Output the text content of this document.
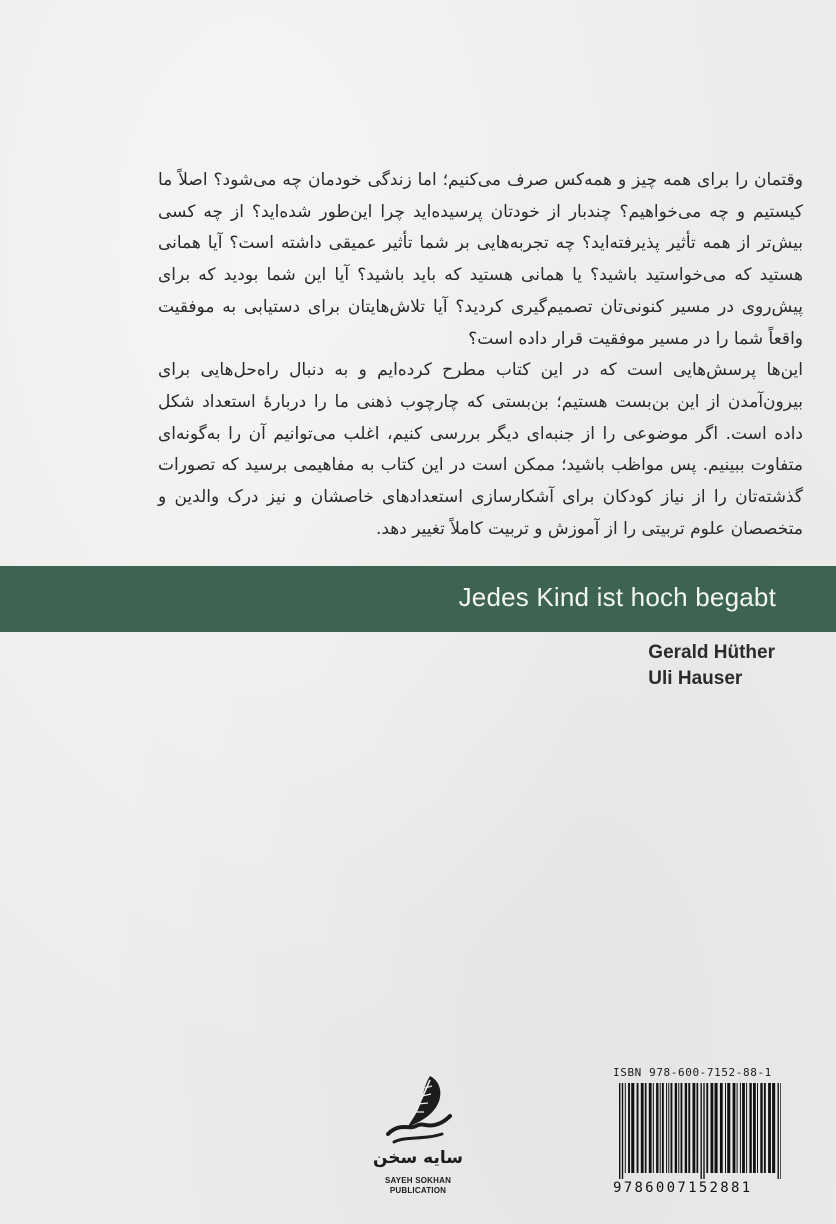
وقتمان را برای همه چیز و همه‌کس صرف می‌کنیم؛ اما زندگی خودمان چه می‌شود؟ اصلاً ما کیستیم و چه می‌خواهیم؟ چندبار از خودتان پرسیده‌اید چرا این‌طور شده‌اید؟ از چه کسی بیش‌تر از همه تأثیر پذیرفته‌اید؟ چه تجربه‌هایی بر شما تأثیر عمیقی داشته است؟ آیا همانی هستید که می‌خواستید باشید؟ یا همانی هستید که باید باشید؟ آیا این شما بودید که برای پیش‌روی در مسیر کنونی‌تان تصمیم‌گیری کردید؟ آیا تلاش‌هایتان برای دستیابی به موفقیت واقعاً شما را در مسیر موفقیت قرار داده است؟

این‌ها پرسش‌هایی است که در این کتاب مطرح کرده‌ایم و به دنبال راه‌حل‌هایی برای بیرون‌آمدن از این بن‌بست هستیم؛ بن‌بستی که چارچوب ذهنی ما را دربارهٔ استعداد شکل داده است. اگر موضوعی را از جنبه‌ای دیگر بررسی کنیم، اغلب می‌توانیم آن را به‌گونه‌ای متفاوت ببینیم. پس مواظب باشید؛ ممکن است در این کتاب به مفاهیمی برسید که تصورات گذشته‌تان را از نیاز کودکان برای آشکارسازی استعدادهای خاصشان و نیز درک والدین و متخصصان علوم تربیتی را از آموزش و تربیت کاملاً تغییر دهد.

Jedes Kind ist hoch begabt
Gerald Hüther
Uli Hauser
سایه سخن
SAYEH SOKHAN
PUBLICATION
ISBN 978-600-7152-88-1
9786007152881
